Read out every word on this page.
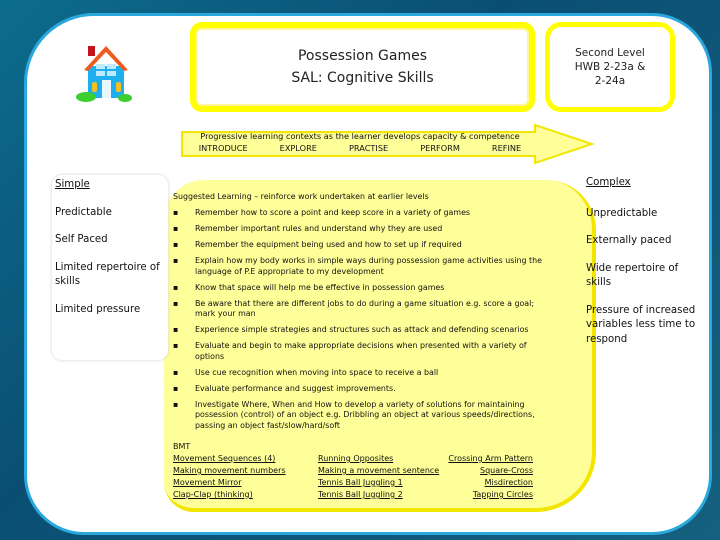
Possession Games
SAL: Cognitive Skills
Second Level
HWB 2-23a &
2-24a
Progressive learning contexts as the learner develops capacity & competence
INTRODUCE	EXPLORE	PRACTISE	PERFORM	REFINE
Simple
Predictable
Self Paced
Limited repertoire of skills
Limited pressure
Suggested Learning – reinforce work undertaken at earlier levels
▪	Remember how to score a point and keep score in a variety of games
▪	Remember important rules and understand why they are used
▪	Remember the equipment being used and how to set up if required
▪	Explain how my body works in simple ways during possession game activities using the language of P.E appropriate to my development
▪	Know that space will help me be effective in possession games
▪	Be aware that there are different jobs to do during a game situation e.g. score a goal; mark your man
▪	Experience simple strategies and structures such as attack and defending scenarios
▪	Evaluate and begin to make appropriate decisions when presented with a variety of options
▪	Use cue recognition when moving into space to receive a ball
▪	Evaluate performance and suggest improvements.
▪	Investigate Where, When and How to develop a variety of solutions for maintaining possession (control) of an object e.g. Dribbling an object at various speeds/directions, passing an object fast/slow/hard/soft
BMT
Movement Sequences (4)	Running Opposites	Crossing Arm Pattern
Making movement numbers	Making a movement sentence	Square-Cross
Movement Mirror	Tennis Ball Juggling 1	Misdirection
Clap-Clap (thinking)	Tennis Ball Juggling 2	Tapping Circles
Complex
Unpredictable
Externally paced
Wide repertoire of skills
Pressure of increased variables less time to respond
